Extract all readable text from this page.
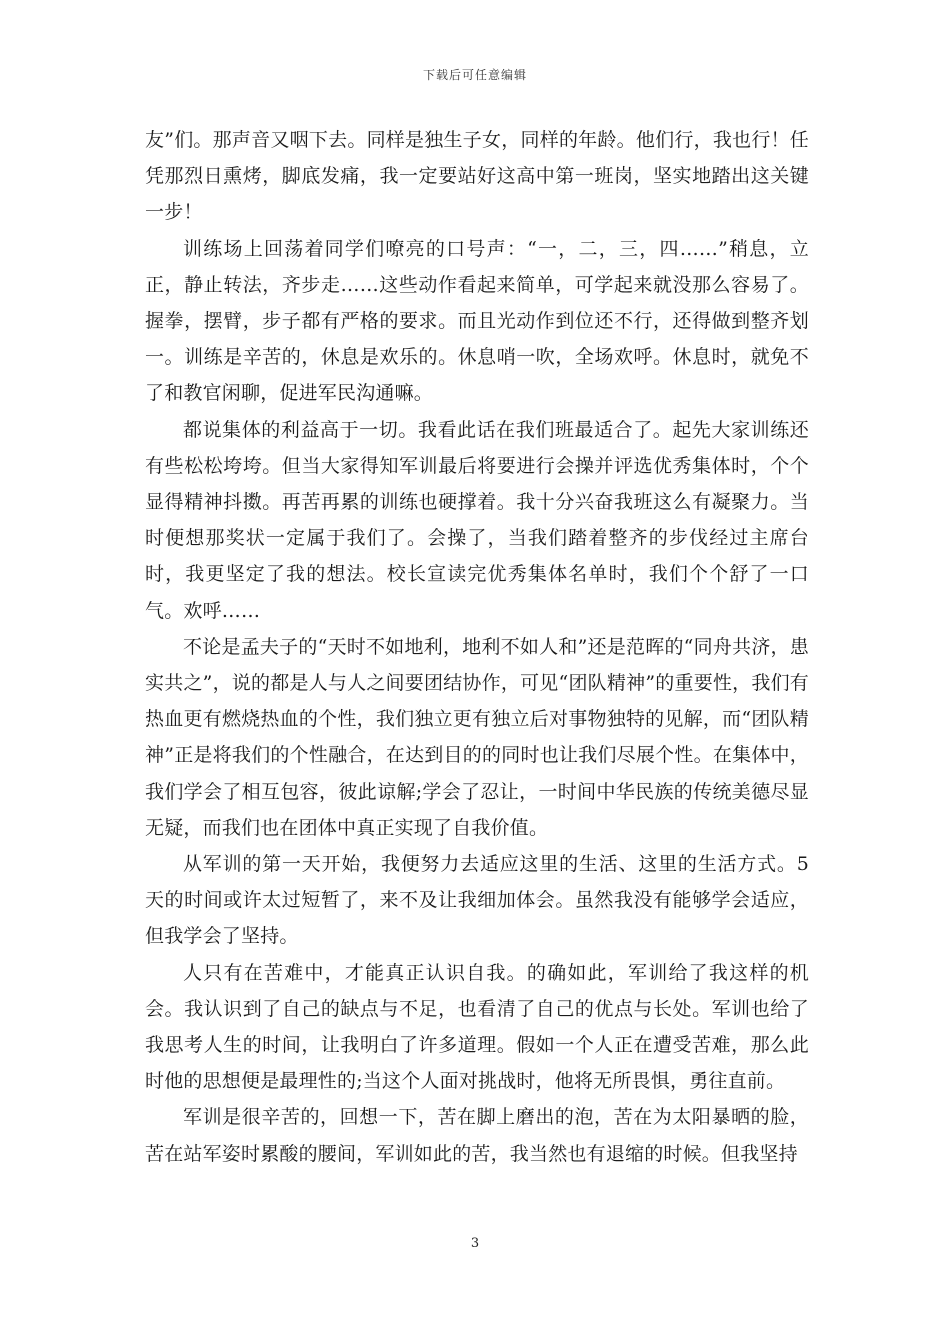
下载后可任意编辑

友”们。那声音又咽下去。同样是独生子女，同样的年龄。他们行，我也行！任凭那烈日熏烤，脚底发痛，我一定要站好这高中第一班岗，坚实地踏出这关键一步！

训练场上回荡着同学们嘹亮的口号声：“一，二，三，四……”稍息，立正，静止转法，齐步走……这些动作看起来简单，可学起来就没那么容易了。握拳，摆臂，步子都有严格的要求。而且光动作到位还不行，还得做到整齐划一。训练是辛苦的，休息是欢乐的。休息哨一吹，全场欢呼。休息时，就免不了和教官闲聊，促进军民沟通嘛。

都说集体的利益高于一切。我看此话在我们班最适合了。起先大家训练还有些松松垮垮。但当大家得知军训最后将要进行会操并评选优秀集体时，个个显得精神抖擞。再苦再累的训练也硬撑着。我十分兴奋我班这么有凝聚力。当时便想那奖状一定属于我们了。会操了，当我们踏着整齐的步伐经过主席台时，我更坚定了我的想法。校长宣读完优秀集体名单时，我们个个舒了一口气。欢呼……

不论是孟夫子的“天时不如地利，地利不如人和”还是范晖的“同舟共济，患实共之”，说的都是人与人之间要团结协作，可见“团队精神”的重要性，我们有热血更有燃烧热血的个性，我们独立更有独立后对事物独特的见解，而“团队精神”正是将我们的个性融合，在达到目的的同时也让我们尽展个性。在集体中，我们学会了相互包容，彼此谅解;学会了忍让，一时间中华民族的传统美德尽显无疑，而我们也在团体中真正实现了自我价值。

从军训的第一天开始，我便努力去适应这里的生活、这里的生活方式。5天的时间或许太过短暂了，来不及让我细加体会。虽然我没有能够学会适应，但我学会了坚持。

人只有在苦难中，才能真正认识自我。的确如此，军训给了我这样的机会。我认识到了自己的缺点与不足，也看清了自己的优点与长处。军训也给了我思考人生的时间，让我明白了许多道理。假如一个人正在遭受苦难，那么此时他的思想便是最理性的;当这个人面对挑战时，他将无所畏惧，勇往直前。

军训是很辛苦的，回想一下，苦在脚上磨出的泡，苦在为太阳暴晒的脸，苦在站军姿时累酸的腰间，军训如此的苦，我当然也有退缩的时候。但我坚持

3
